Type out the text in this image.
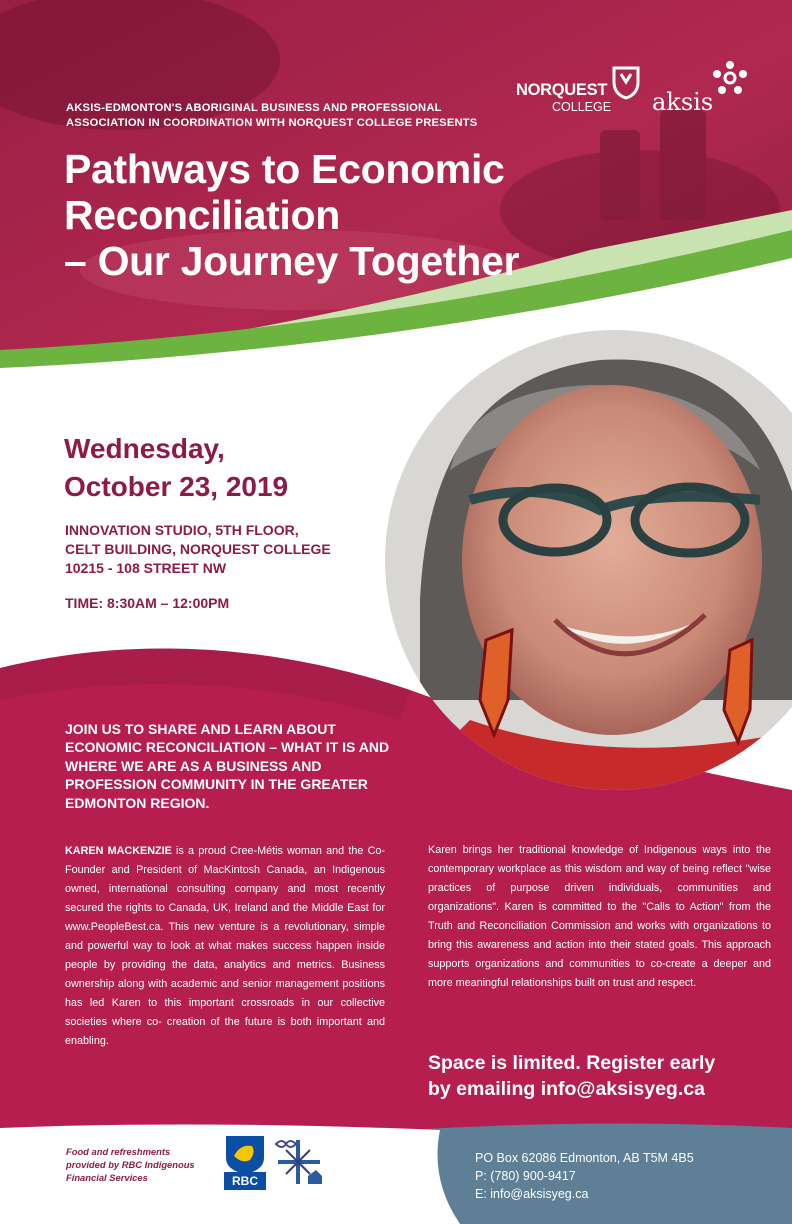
AKSIS-EDMONTON'S ABORIGINAL BUSINESS AND PROFESSIONAL
ASSOCIATION IN COORDINATION WITH NORQUEST COLLEGE PRESENTS
Pathways to Economic
Reconciliation
– Our Journey Together
NORQUEST
COLLEGE aksis
Wednesday,
October 23, 2019
INNOVATION STUDIO, 5TH FLOOR,
CELT BUILDING, NORQUEST COLLEGE
10215 - 108 STREET NW
TIME: 8:30AM – 12:00PM
JOIN US TO SHARE AND LEARN ABOUT ECONOMIC RECONCILIATION – WHAT IT IS AND WHERE WE ARE AS A BUSINESS AND PROFESSION COMMUNITY IN THE GREATER EDMONTON REGION.
KAREN MACKENZIE is a proud Cree-Métis woman and the Co-Founder and President of MacKintosh Canada, an Indigenous owned, international consulting company and most recently secured the rights to Canada, UK, Ireland and the Middle East for www.PeopleBest.ca. This new venture is a revolutionary, simple and powerful way to look at what makes success happen inside people by providing the data, analytics and metrics. Business ownership along with academic and senior management positions has led Karen to this important crossroads in our collective societies where co- creation of the future is both important and enabling.
Karen brings her traditional knowledge of Indigenous ways into the contemporary workplace as this wisdom and way of being reflect "wise practices of purpose driven individuals, communities and organizations". Karen is committed to the "Calls to Action" from the Truth and Reconciliation Commission and works with organizations to bring this awareness and action into their stated goals. This approach supports organizations and communities to co-create a deeper and more meaningful relationships built on trust and respect.
Space is limited. Register early
by emailing info@aksisyeg.ca
Food and refreshments
provided by RBC Indigenous
Financial Services	RBC
PO Box 62086 Edmonton, AB T5M 4B5
P: (780) 900-9417
E: info@aksisyeg.ca
